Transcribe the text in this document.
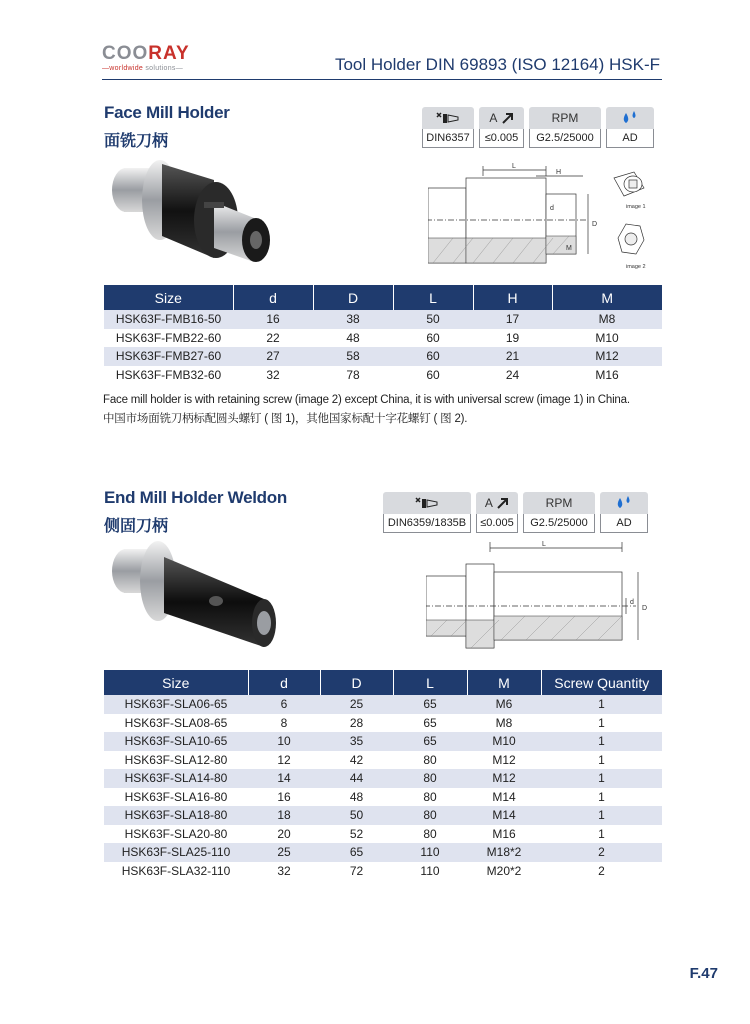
COORAY
—worldwide solutions—	Tool Holder DIN 69893 (ISO 12164) HSK-F
Face Mill Holder
面铣刀柄	DIN6357
A

≤0.005
RPM
G2.5/25000	AD
L
H
d
D
M
image 1
image 2
Size	d	D	L	H	M
HSK63F-FMB16-50	16	38	50	17	M8
HSK63F-FMB22-60	22	48	60	19	M10
HSK63F-FMB27-60	27	58	60	21	M12
HSK63F-FMB32-60	32	78	60	24	M16
Face mill holder is with retaining screw (image 2) except China, it is with universal screw (image 1) in China.
中国市场面铣刀柄标配圆头螺钉 ( 图 1)，其他国家标配十字花螺钉 ( 图 2).
End Mill Holder Weldon
侧固刀柄	DIN6359/1835B
A

≤0.005
RPM
G2.5/25000	AD
L
d
D
Size	d	D	L	M	Screw Quantity
HSK63F-SLA06-65	6	25	65	M6	1
HSK63F-SLA08-65	8	28	65	M8	1
HSK63F-SLA10-65	10	35	65	M10	1
HSK63F-SLA12-80	12	42	80	M12	1
HSK63F-SLA14-80	14	44	80	M12	1
HSK63F-SLA16-80	16	48	80	M14	1
HSK63F-SLA18-80	18	50	80	M14	1
HSK63F-SLA20-80	20	52	80	M16	1
HSK63F-SLA25-110	25	65	110	M18*2	2
HSK63F-SLA32-110	32	72	110	M20*2	2
F.47
